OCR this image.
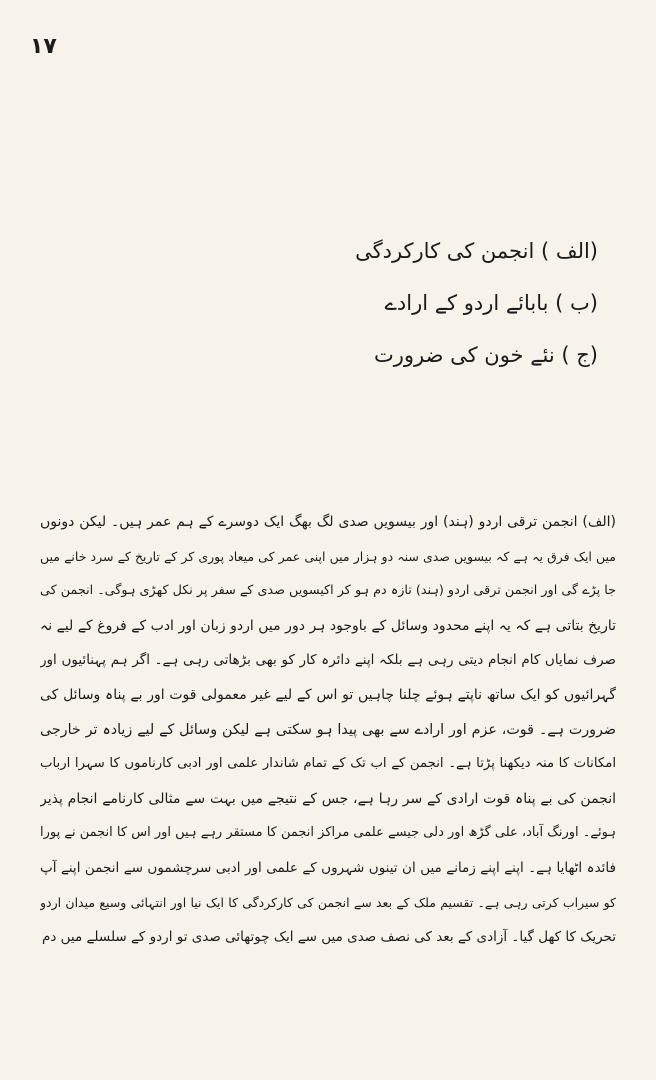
١٧
(الف ) انجمن کی کارکردگی
(ب ) بابائے اردو کے ارادے
(ج ) نئے خون کی ضرورت
(الف) انجمن ترقی اردو (ہند) اور بیسویں صدی لگ بھگ ایک دوسرے کے ہم عمر ہیں۔ لیکن دونوں
میں ایک فرق یہ ہے کہ بیسویں صدی سنہ دو ہزار میں اپنی عمر کی میعاد پوری کر کے تاریخ کے سرد خانے میں
جا پڑے گی اور انجمن ترقی اردو (ہند) تازہ دم ہو کر اکیسویں صدی کے سفر پر نکل کھڑی ہوگی۔ انجمن کی
تاریخ بتاتی ہے کہ یہ اپنے محدود وسائل کے باوجود ہر دور میں اردو زبان اور ادب کے فروغ کے لیے نہ
صرف نمایاں کام انجام دیتی رہی ہے بلکہ اپنے دائرہ کار کو بھی بڑھاتی رہی ہے۔ اگر ہم پہنائیوں اور
گہرائیوں کو ایک ساتھ ناپتے ہوئے چلنا چاہیں تو اس کے لیے غیر معمولی قوت اور بے پناہ وسائل کی
ضرورت ہے۔ قوت، عزم اور ارادے سے بھی پیدا ہو سکتی ہے لیکن وسائل کے لیے زیادہ تر خارجی
امکانات کا منہ دیکھنا پڑتا ہے۔ انجمن کے اب تک کے تمام شاندار علمی اور ادبی کارناموں کا سہرا ارباب
انجمن کی بے پناہ قوت ارادی کے سر رہا ہے، جس کے نتیجے میں بہت سے مثالی کارنامے انجام پذیر
ہوئے۔ اورنگ آباد، علی گڑھ اور دلی جیسے علمی مراکز انجمن کا مستقر رہے ہیں اور اس کا انجمن نے پورا
فائدہ اٹھایا ہے۔ اپنے اپنے زمانے میں ان تینوں شہروں کے علمی اور ادبی سرچشموں سے انجمن اپنے آپ
کو سیراب کرتی رہی ہے۔ تقسیم ملک کے بعد سے انجمن کی کارکردگی کا ایک نیا اور انتہائی وسیع میدان اردو
تحریک کا کھل گیا۔ آزادی کے بعد کی نصف صدی میں سے ایک چوتھائی صدی تو اردو کے سلسلے میں دم
